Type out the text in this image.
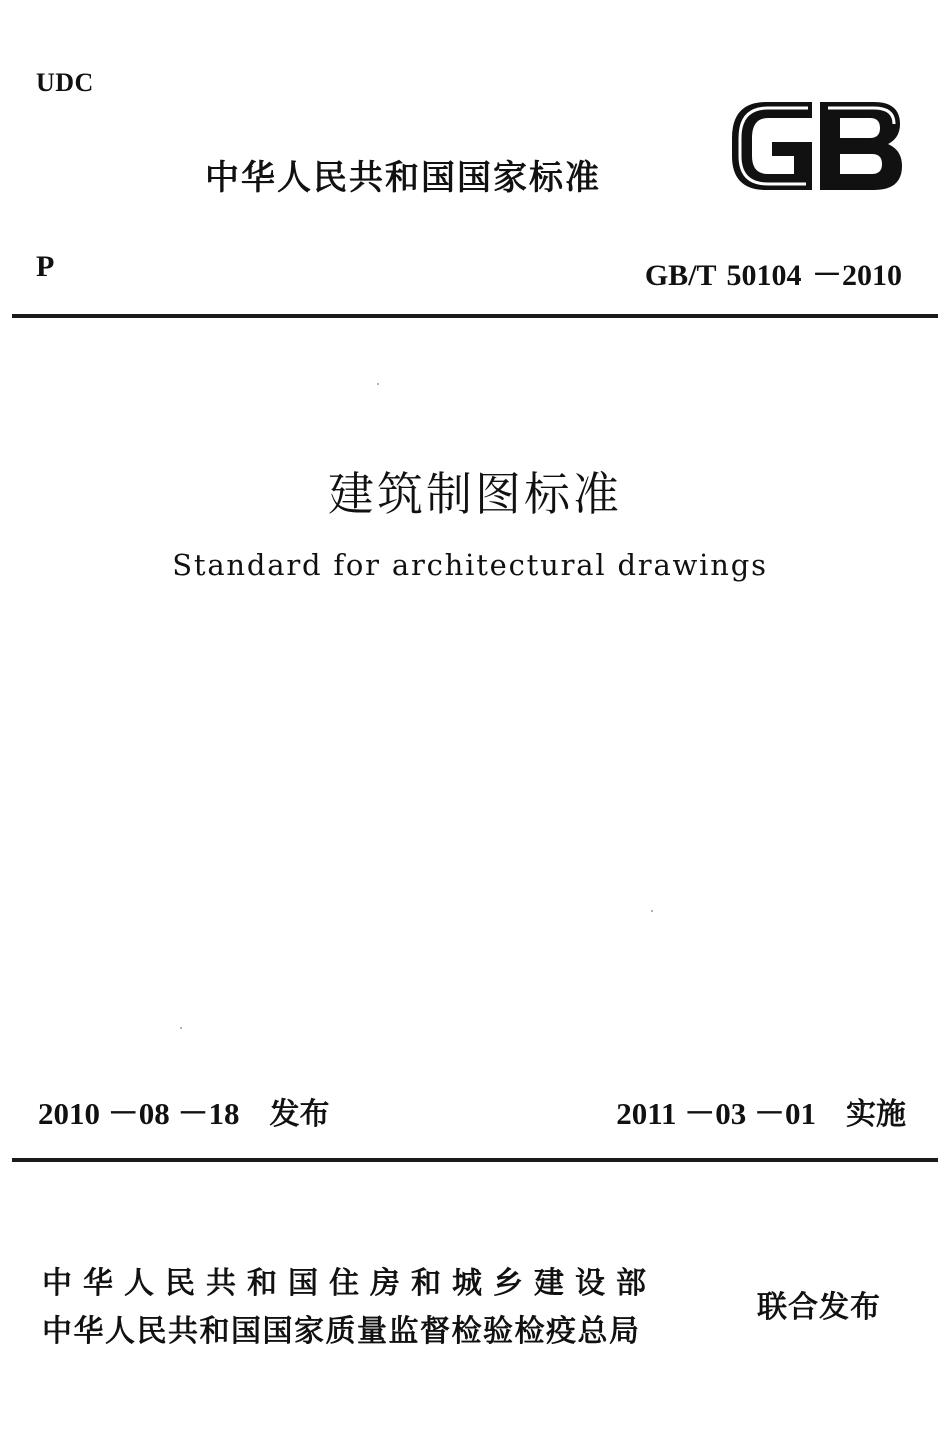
UDC
中华人民共和国国家标准
P	GB/T 50104 －2010
建筑制图标准
Standard for architectural drawings
2010 －08 －18 发布	2011 －03 －01 实施
中华人民共和国住房和城乡建设部
中华人民共和国国家质量监督检验检疫总局
联合发布
